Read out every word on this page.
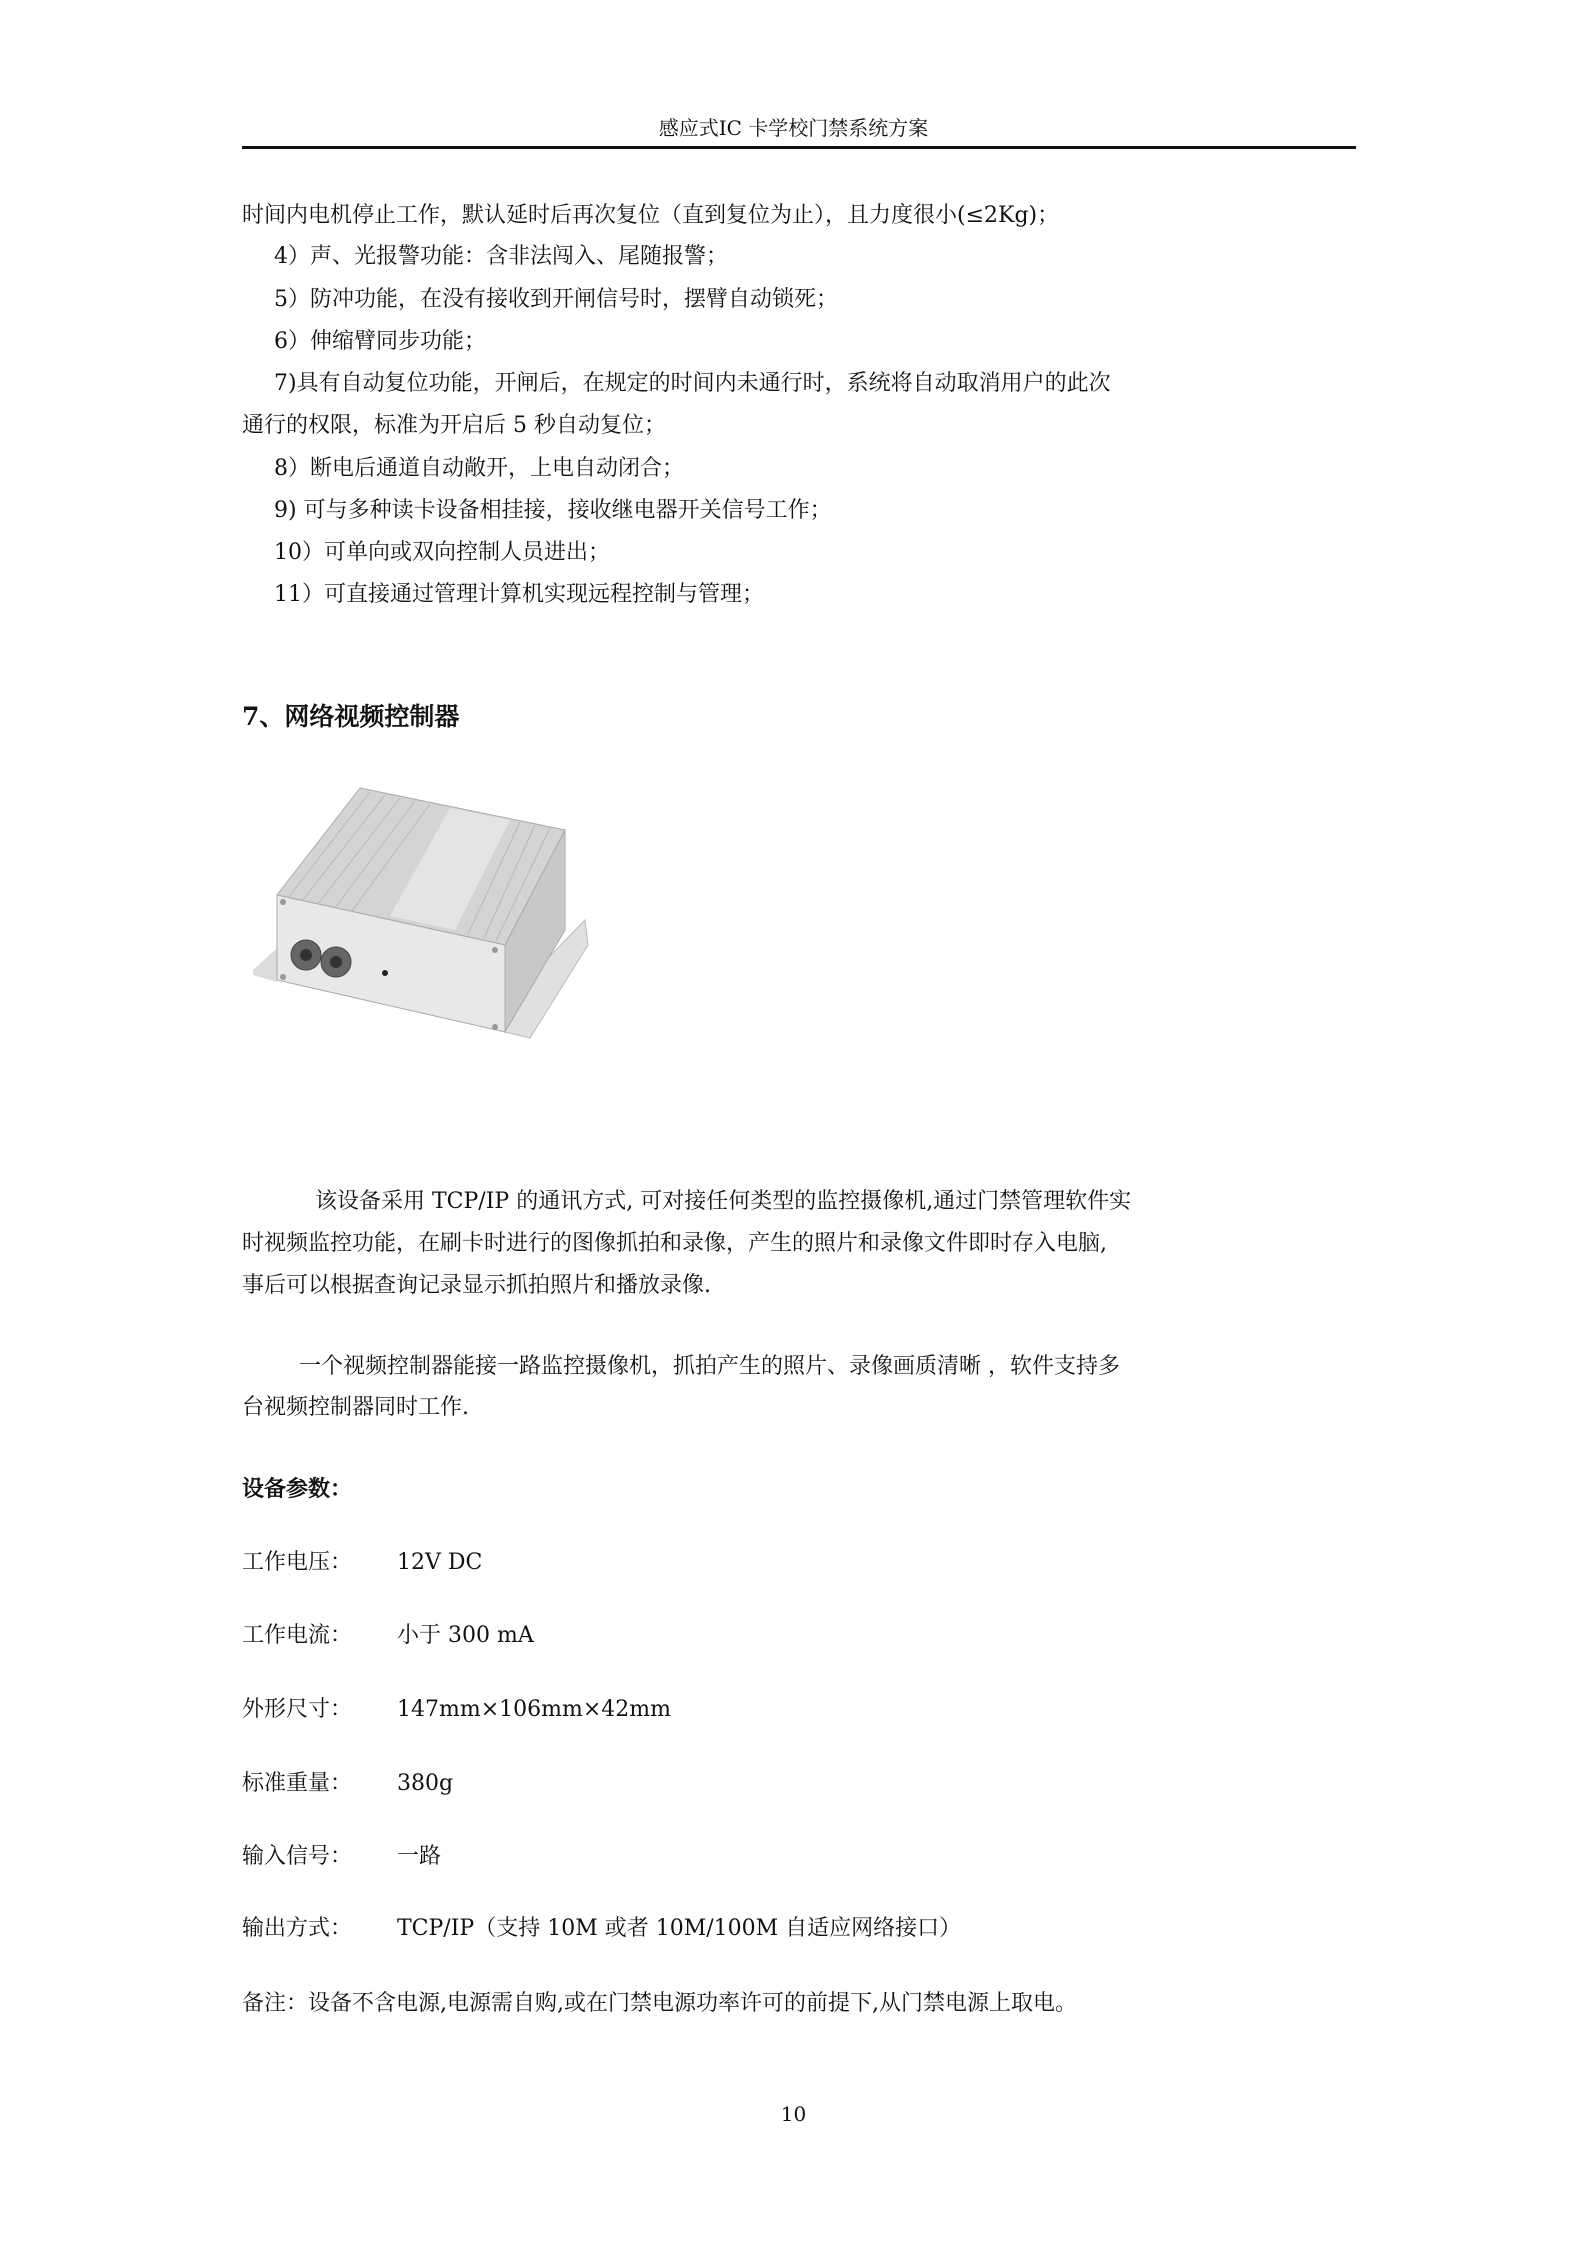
感应式IC 卡学校门禁系统方案
时间内电机停止工作，默认延时后再次复位（直到复位为止），且力度很小(≤2Kg)；
4）声、光报警功能：含非法闯入、尾随报警；
5）防冲功能，在没有接收到开闸信号时，摆臂自动锁死；
6）伸缩臂同步功能；
7)具有自动复位功能，开闸后，在规定的时间内未通行时，系统将自动取消用户的此次
通行的权限，标准为开启后 5 秒自动复位；
8）断电后通道自动敞开，上电自动闭合；
9) 可与多种读卡设备相挂接，接收继电器开关信号工作；
10）可单向或双向控制人员进出；
11）可直接通过管理计算机实现远程控制与管理；
7、网络视频控制器
该设备采用 TCP/IP 的通讯方式, 可对接任何类型的监控摄像机,通过门禁管理软件实
时视频监控功能，在刷卡时进行的图像抓拍和录像，产生的照片和录像文件即时存入电脑,
事后可以根据查询记录显示抓拍照片和播放录像.
一个视频控制器能接一路监控摄像机，抓拍产生的照片、录像画质清晰 ，软件支持多
台视频控制器同时工作.
设备参数：
工作电压： 12V DC
工作电流： 小于 300 mA
外形尺寸： 147mm×106mm×42mm
标准重量： 380g
输入信号： 一路
输出方式： TCP/IP（支持 10M 或者 10M/100M 自适应网络接口）
备注：设备不含电源,电源需自购,或在门禁电源功率许可的前提下,从门禁电源上取电。
10
